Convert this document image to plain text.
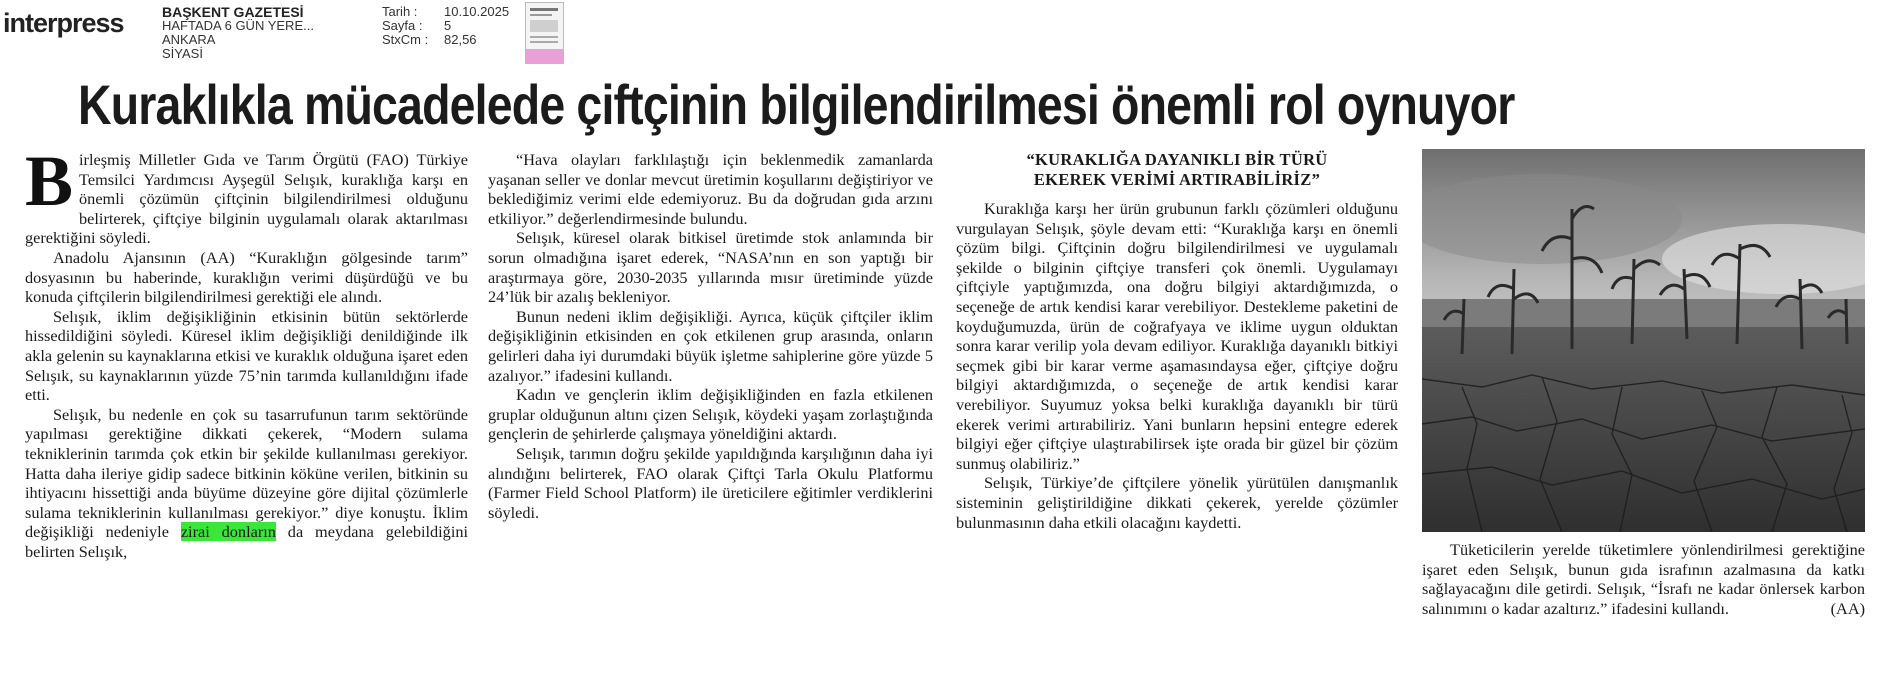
interpress	BAŞKENT GAZETESİ
HAFTADA 6 GÜN YERE...
ANKARA
SİYASİ
Tarih :	10.10.2025
Sayfa :	5
StxCm :	82,56
Kuraklıkla mücadelede çiftçinin bilgilendirilmesi önemli rol oynuyor

Birleşmiş Milletler Gıda ve Tarım Örgütü (FAO) Türkiye Temsilci Yardımcısı Ayşegül Selışık, kuraklığa karşı en önemli çözümün çiftçinin bilgilendirilmesi olduğunu belirterek, çiftçiye bilginin uygulamalı olarak aktarılması gerektiğini söyledi.

Anadolu Ajansının (AA) “Kuraklığın gölgesinde tarım” dosyasının bu haberinde, kuraklığın verimi düşürdüğü ve bu konuda çiftçilerin bilgilendirilmesi gerektiği ele alındı.

Selışık, iklim değişikliğinin etkisinin bütün sektörlerde hissedildiğini söyledi. Küresel iklim değişikliği denildiğinde ilk akla gelenin su kaynaklarına etkisi ve kuraklık olduğuna işaret eden Selışık, su kaynaklarının yüzde 75’nin tarımda kullanıldığını ifade etti.

Selışık, bu nedenle en çok su tasarrufunun tarım sektöründe yapılması gerektiğine dikkati çekerek, “Modern sulama tekniklerinin tarımda çok etkin bir şekilde kullanılması gerekiyor. Hatta daha ileriye gidip sadece bitkinin köküne verilen, bitkinin su ihtiyacını hissettiği anda büyüme düzeyine göre dijital çözümlerle sulama tekniklerinin kullanılması gerekiyor.” diye konuştu. İklim değişikliği nedeniyle zirai donların da meydana gelebildiğini belirten Selışık,

“Hava olayları farklılaştığı için beklenmedik zamanlarda yaşanan seller ve donlar mevcut üretimin koşullarını değiştiriyor ve beklediğimiz verimi elde edemiyoruz. Bu da doğrudan gıda arzını etkiliyor.” değerlendirmesinde bulundu.

Selışık, küresel olarak bitkisel üretimde stok anlamında bir sorun olmadığına işaret ederek, “NASA’nın en son yaptığı bir araştırmaya göre, 2030-2035 yıllarında mısır üretiminde yüzde 24’lük bir azalış bekleniyor.

Bunun nedeni iklim değişikliği. Ayrıca, küçük çiftçiler iklim değişikliğinin etkisinden en çok etkilenen grup arasında, onların gelirleri daha iyi durumdaki büyük işletme sahiplerine göre yüzde 5 azalıyor.” ifadesini kullandı.

Kadın ve gençlerin iklim değişikliğinden en fazla etkilenen gruplar olduğunun altını çizen Selışık, köydeki yaşam zorlaştığında gençlerin de şehirlerde çalışmaya yöneldiğini aktardı.

Selışık, tarımın doğru şekilde yapıldığında karşılığının daha iyi alındığını belirterek, FAO olarak Çiftçi Tarla Okulu Platformu (Farmer Field School Platform) ile üreticilere eğitimler verdiklerini söyledi.

“KURAKLIĞA DAYANIKLI BİR TÜRÜ
EKEREK VERİMİ ARTIRABİLİRİZ”

Kuraklığa karşı her ürün grubunun farklı çözümleri olduğunu vurgulayan Selışık, şöyle devam etti: “Kuraklığa karşı en önemli çözüm bilgi. Çiftçinin doğru bilgilendirilmesi ve uygulamalı şekilde o bilginin çiftçiye transferi çok önemli. Uygulamayı çiftçiyle yaptığımızda, ona doğru bilgiyi aktardığımızda, o seçeneğe de artık kendisi karar verebiliyor. Destekleme paketini de koyduğumuzda, ürün de coğrafyaya ve iklime uygun olduktan sonra karar verilip yola devam ediliyor. Kuraklığa dayanıklı bitkiyi seçmek gibi bir karar verme aşamasındaysa eğer, çiftçiye doğru bilgiyi aktardığımızda, o seçeneğe de artık kendisi karar verebiliyor. Suyumuz yoksa belki kuraklığa dayanıklı bir türü ekerek verimi artırabiliriz. Yani bunların hepsini entegre ederek bilgiyi eğer çiftçiye ulaştırabilirsek işte orada bir güzel bir çözüm sunmuş olabiliriz.”

Selışık, Türkiye’de çiftçilere yönelik yürütülen danışmanlık sisteminin geliştirildiğine dikkati çekerek, yerelde çözümler bulunmasının daha etkili olacağını kaydetti.

Tüketicilerin yerelde tüketimlere yönlendirilmesi gerektiğine işaret eden Selışık, bunun gıda israfının azalmasına da katkı sağlayacağını dile getirdi. Selışık, “İsrafı ne kadar önlersek karbon salınımını o kadar azaltırız.” ifadesini kullandı.	(AA)
